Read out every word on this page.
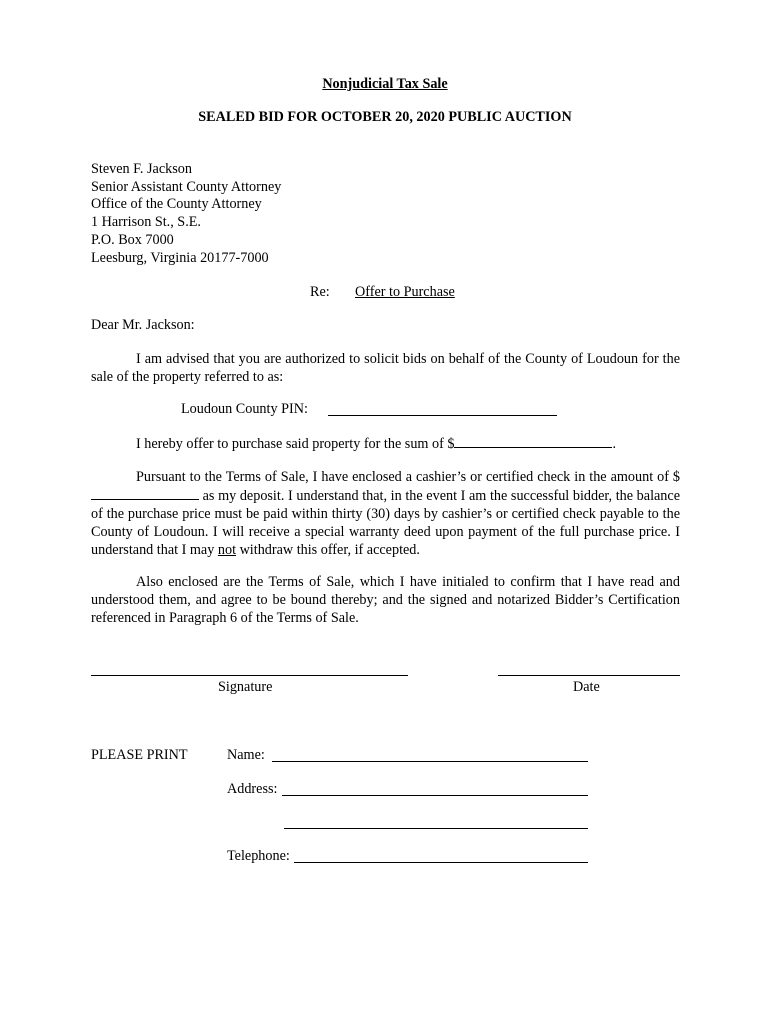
Nonjudicial Tax Sale
SEALED BID FOR OCTOBER 20, 2020 PUBLIC AUCTION
Steven F. Jackson
Senior Assistant County Attorney
Office of the County Attorney
1 Harrison St., S.E.
P.O. Box 7000
Leesburg, Virginia 20177-7000
Re: Offer to Purchase
Dear Mr. Jackson:

I am advised that you are authorized to solicit bids on behalf of the County of Loudoun for the sale of the property referred to as:

Loudoun County PIN:
I hereby offer to purchase said property for the sum of $	.

Pursuant to the Terms of Sale, I have enclosed a cashier’s or certified check in the amount of $ as my deposit. I understand that, in the event I am the successful bidder, the balance of the purchase price must be paid within thirty (30) days by cashier’s or certified check payable to the County of Loudoun. I will receive a special warranty deed upon payment of the full purchase price. I understand that I may not withdraw this offer, if accepted.

Also enclosed are the Terms of Sale, which I have initialed to confirm that I have read and understood them, and agree to be bound thereby; and the signed and notarized Bidder’s Certification referenced in Paragraph 6 of the Terms of Sale.

Signature	Date
PLEASE PRINT	Name:
Address:
Telephone:
